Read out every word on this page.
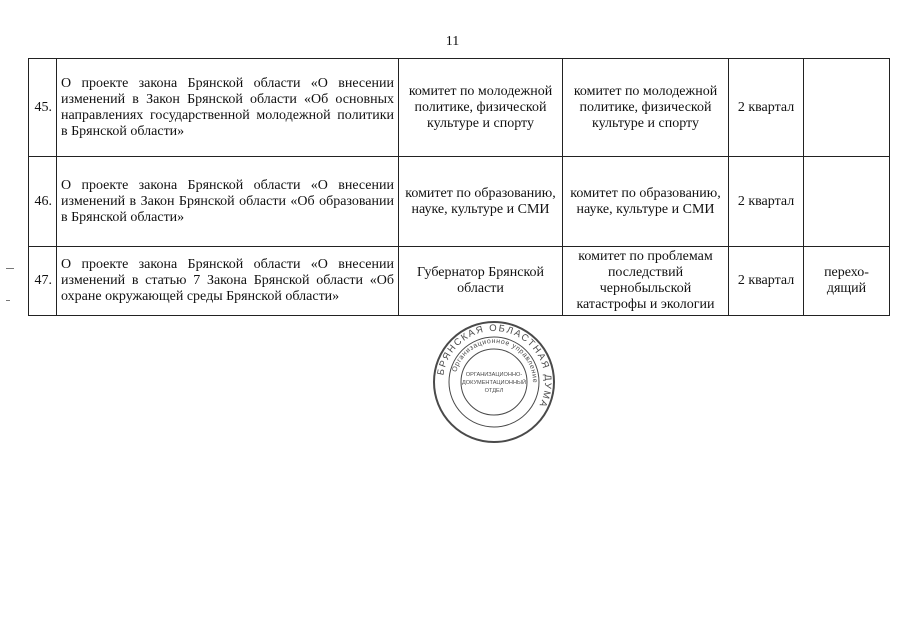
11
45.	О проекте закона Брянской области «О внесении изменений в Закон Брянской области «Об основных направлениях государственной молодежной политики в Брянской области»	комитет по молодежной политике, физической культуре и спорту	комитет по молодежной политике, физической культуре и спорту	2 квартал	
46.	О проекте закона Брянской области «О внесении изменений в Закон Брянской области «Об образовании в Брянской области»	комитет по образованию, науке, культуре и СМИ	комитет по образованию, науке, культуре и СМИ	2 квартал	
47.	О проекте закона Брянской области «О внесении изменений в статью 7 Закона Брянской области «Об охране окружающей среды Брянской области»	Губернатор Брянской области	комитет по проблемам последствий чернобыльской катастрофы и экологии	2 квартал	перехо-дящий
БРЯНСКАЯ ОБЛАСТНАЯ ДУМА
Организационное управление
ОРГАНИЗАЦИОННО-
ДОКУМЕНТАЦИОННЫЙ
ОТДЕЛ
